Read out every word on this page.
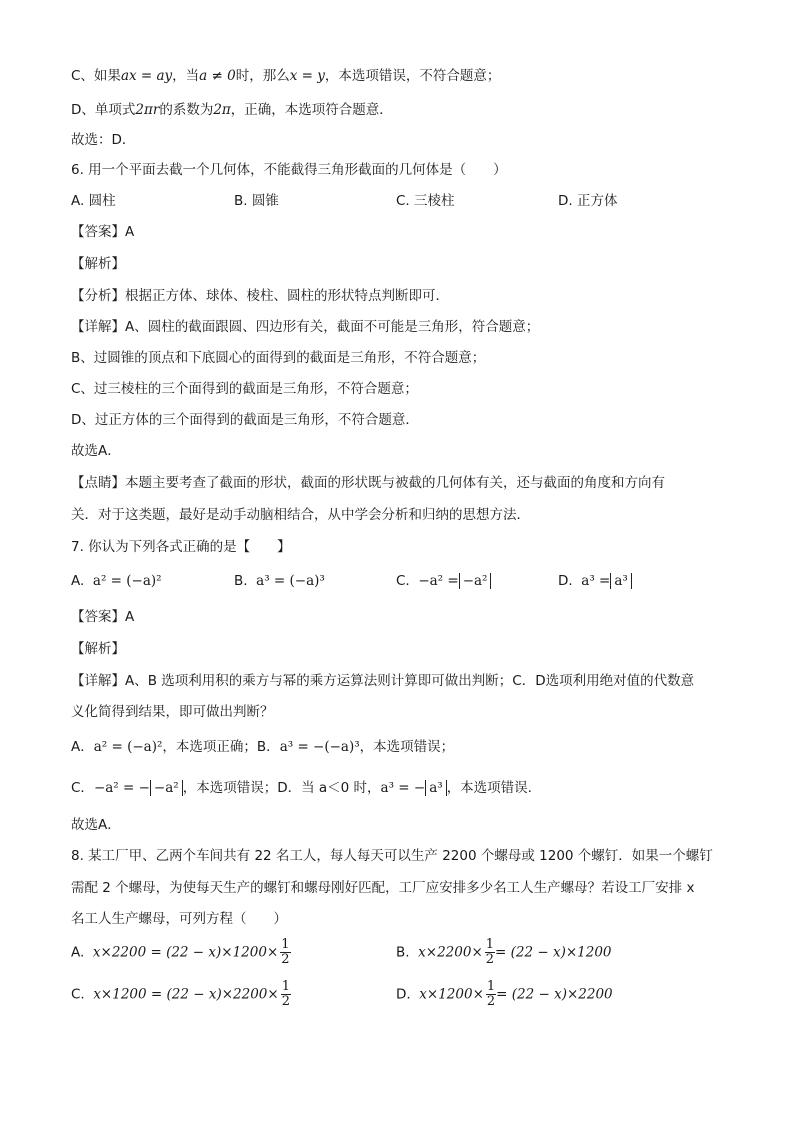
C、如果ax = ay，当a ≠ 0时，那么x = y，本选项错误，不符合题意；
D、单项式2πr的系数为2π，正确，本选项符合题意．
故选：D．
6. 用一个平面去截一个几何体，不能截得三角形截面的几何体是（　　）
A. 圆柱	B. 圆锥	C. 三棱柱	D. 正方体
【答案】A
【解析】
【分析】根据正方体、球体、棱柱、圆柱的形状特点判断即可．
【详解】A、圆柱的截面跟圆、四边形有关，截面不可能是三角形，符合题意；
B、过圆锥的顶点和下底圆心的面得到的截面是三角形，不符合题意；
C、过三棱柱的三个面得到的截面是三角形，不符合题意；
D、过正方体的三个面得到的截面是三角形，不符合题意．
故选A．
【点睛】本题主要考查了截面的形状，截面的形状既与被截的几何体有关，还与截面的角度和方向有
关．对于这类题，最好是动手动脑相结合，从中学会分析和归纳的思想方法．
7. 你认为下列各式正确的是【　　】
A. a² = (−a)²	B. a³ = (−a)³	C. −a² = −a²	D. a³ = a³
【答案】A
【解析】
【详解】A、B 选项利用积的乘方与幂的乘方运算法则计算即可做出判断；C．D选项利用绝对值的代数意
义化简得到结果，即可做出判断？
A．a² = (−a)²，本选项正确；B．a³ = −(−a)³，本选项错误；
C．−a² = − −a² ，本选项错误；D．当 a＜0 时，a³ = − a³ ，本选项错误.
故选A．
8. 某工厂甲、乙两个车间共有 22 名工人，每人每天可以生产 2200 个螺母或 1200 个螺钉．如果一个螺钉
需配 2 个螺母，为使每天生产的螺钉和螺母刚好匹配，工厂应安排多少名工人生产螺母？若设工厂安排 x
名工人生产螺母，可列方程（　　）
A. $x\times 2200 = (22 - x)\times 1200\times \frac{1}{2}$	B. $x\times 2200\times \frac{1}{2} = (22 - x)\times 1200$
C. $x\times 1200 = (22 - x)\times 2200\times \frac{1}{2}$	D. $x\times 1200\times \frac{1}{2} = (22 - x)\times 2200$
